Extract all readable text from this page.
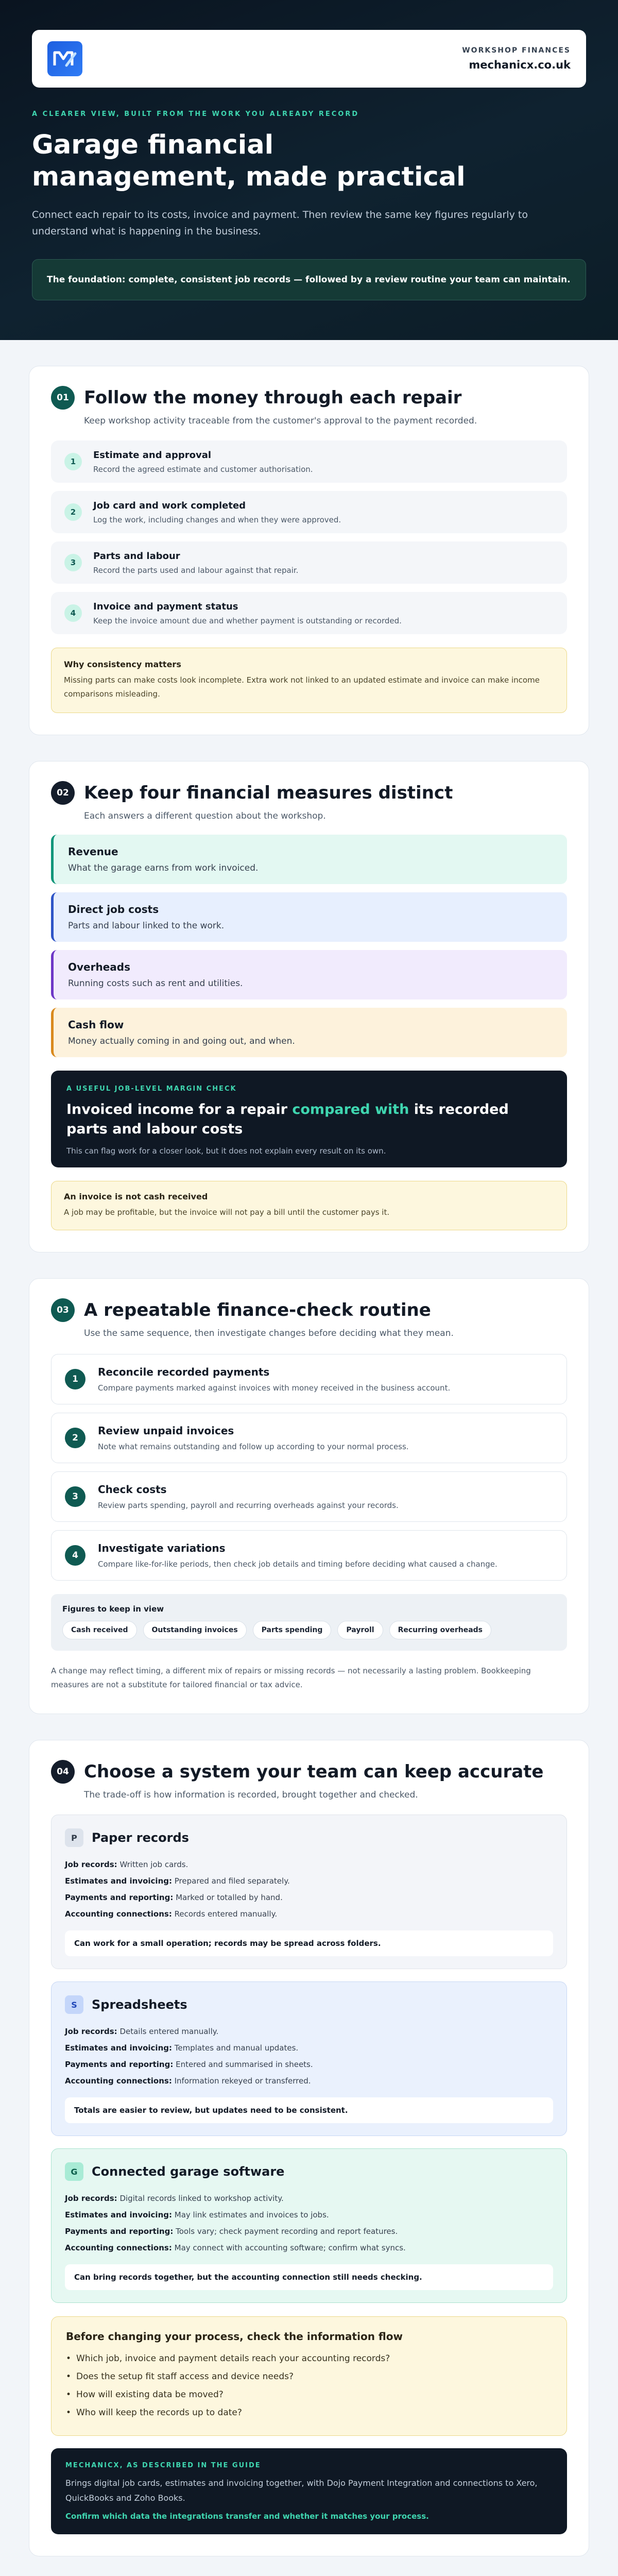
WORKSHOP FINANCES
mechanicx.co.uk
A CLEARER VIEW, BUILT FROM THE WORK YOU ALREADY RECORD
Garage financial management, made practical

Connect each repair to its costs, invoice and payment. Then review the same key figures regularly to understand what is happening in the business.

The foundation: complete, consistent job records — followed by a review routine your team can maintain.
01 Follow the money through each repair

Keep workshop activity traceable from the customer's approval to the payment recorded.

1
Estimate and approval
Record the agreed estimate and customer authorisation.
2
Job card and work completed
Log the work, including changes and when they were approved.
3
Parts and labour
Record the parts used and labour against that repair.
4
Invoice and payment status
Keep the invoice amount due and whether payment is outstanding or recorded.
Why consistency matters
Missing parts can make costs look incomplete. Extra work not linked to an updated estimate and invoice can make income comparisons misleading.
02 Keep four financial measures distinct

Each answers a different question about the workshop.

Revenue
What the garage earns from work invoiced.
Direct job costs
Parts and labour linked to the work.
Overheads
Running costs such as rent and utilities.
Cash flow
Money actually coming in and going out, and when.
A USEFUL JOB-LEVEL MARGIN CHECK
Invoiced income for a repair compared with its recorded parts and labour costs
This can flag work for a closer look, but it does not explain every result on its own.
An invoice is not cash received
A job may be profitable, but the invoice will not pay a bill until the customer pays it.
03 A repeatable finance-check routine

Use the same sequence, then investigate changes before deciding what they mean.

1
Reconcile recorded payments
Compare payments marked against invoices with money received in the business account.
2
Review unpaid invoices
Note what remains outstanding and follow up according to your normal process.
3
Check costs
Review parts spending, payroll and recurring overheads against your records.
4
Investigate variations
Compare like-for-like periods, then check job details and timing before deciding what caused a change.
Figures to keep in view
Cash received	Outstanding invoices	Parts spending	Payroll	Recurring overheads

A change may reflect timing, a different mix of repairs or missing records — not necessarily a lasting problem. Bookkeeping measures are not a substitute for tailored financial or tax advice.

04 Choose a system your team can keep accurate

The trade-off is how information is recorded, brought together and checked.

P	Paper records
Job records: Written job cards.
Estimates and invoicing: Prepared and filed separately.
Payments and reporting: Marked or totalled by hand.
Accounting connections: Records entered manually.
Can work for a small operation; records may be spread across folders.
S	Spreadsheets
Job records: Details entered manually.
Estimates and invoicing: Templates and manual updates.
Payments and reporting: Entered and summarised in sheets.
Accounting connections: Information rekeyed or transferred.
Totals are easier to review, but updates need to be consistent.
G	Connected garage software
Job records: Digital records linked to workshop activity.
Estimates and invoicing: May link estimates and invoices to jobs.
Payments and reporting: Tools vary; check payment recording and report features.
Accounting connections: May connect with accounting software; confirm what syncs.
Can bring records together, but the accounting connection still needs checking.
Before changing your process, check the information flow
• Which job, invoice and payment details reach your accounting records?
• Does the setup fit staff access and device needs?
• How will existing data be moved?
• Who will keep the records up to date?
MECHANICX, AS DESCRIBED IN THE GUIDE
Brings digital job cards, estimates and invoicing together, with Dojo Payment Integration and connections to Xero, QuickBooks and Zoho Books.
Confirm which data the integrations transfer and whether it matches your process.
